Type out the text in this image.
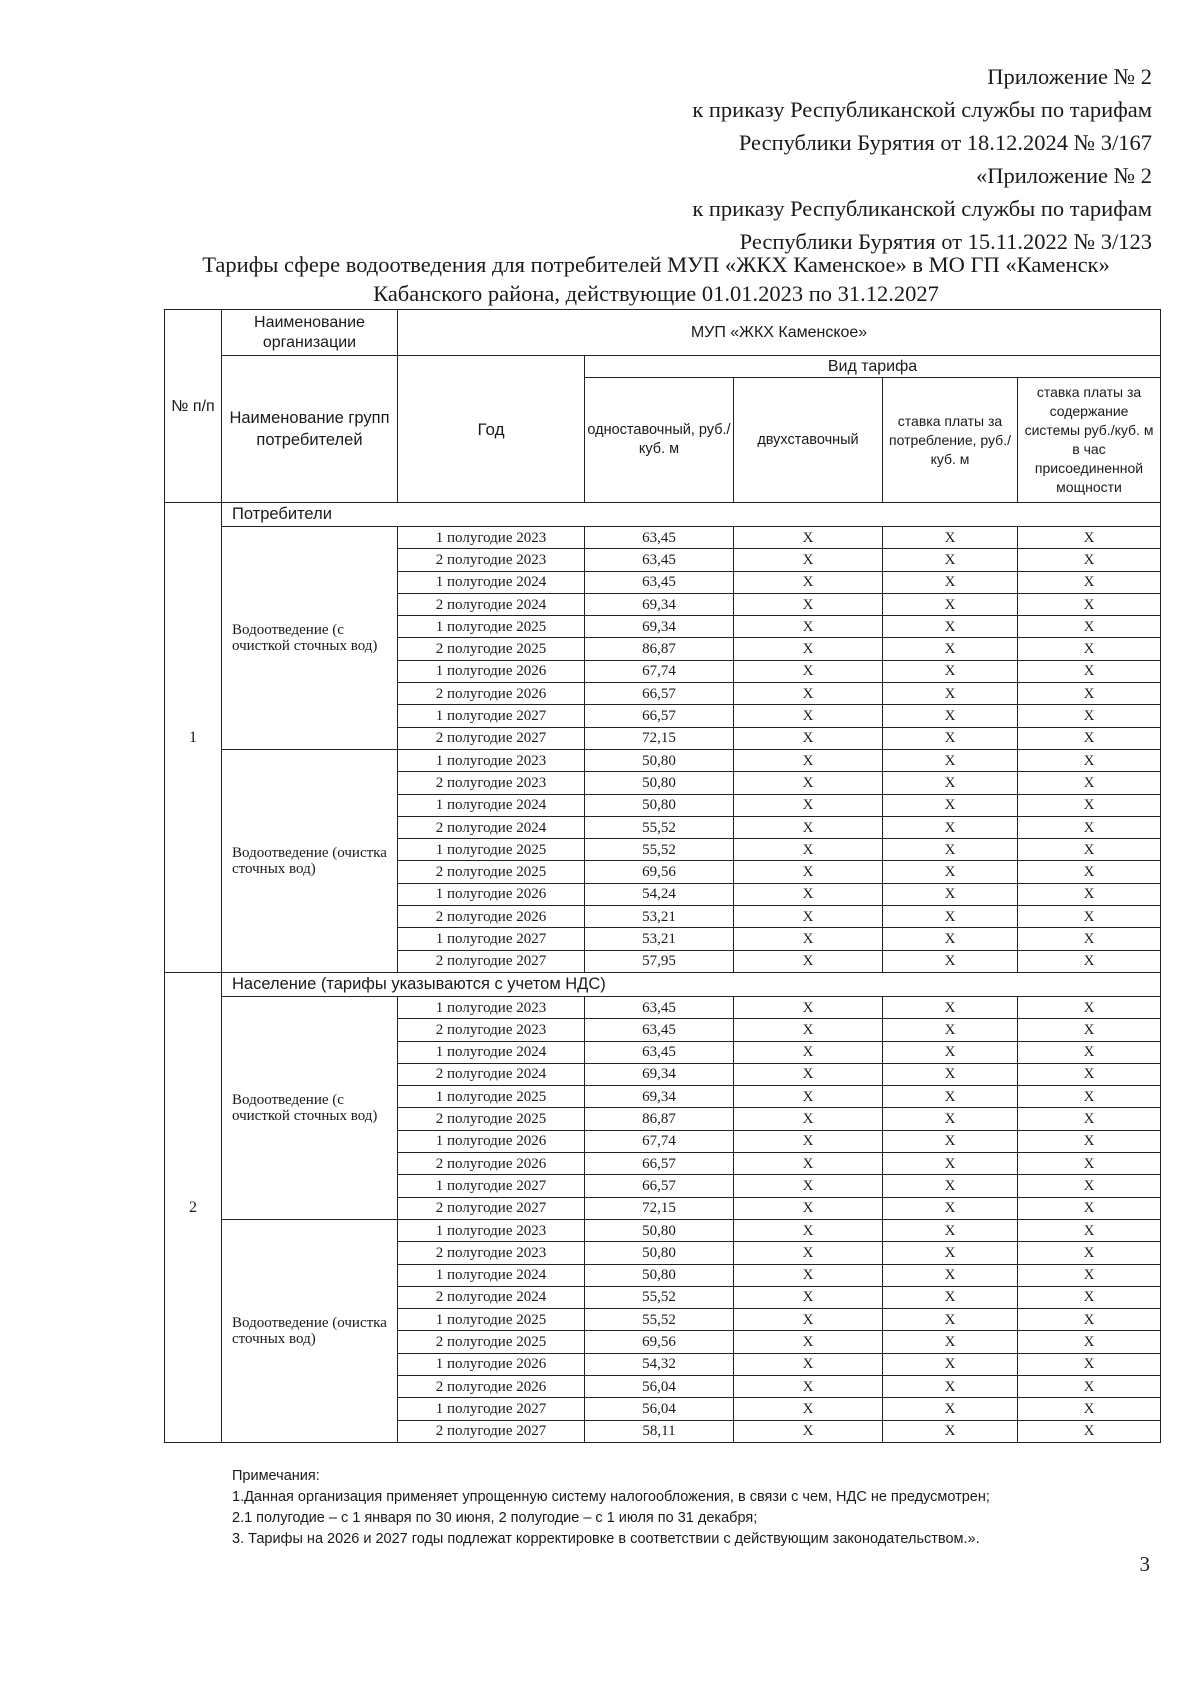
Приложение № 2
к приказу Республиканской службы по тарифам
Республики Бурятия от 18.12.2024 № 3/167
«Приложение № 2
к приказу Республиканской службы по тарифам
Республики Бурятия от 15.11.2022 № 3/123
Тарифы сфере водоотведения для потребителей МУП «ЖКХ Каменское» в МО ГП «Каменск»
Кабанского района, действующие 01.01.2023 по 31.12.2027
№ п/п	Наименование организации	МУП «ЖКХ Каменское»				
	Наименование групп потребителей	Год	Вид тарифа			
			одноставочный, руб./ куб. м	двухставочный	ставка платы за потребление, руб./ куб. м	ставка платы за содержание системы руб./куб. м в час присоединенной мощности
1	Потребители					
	Водоотведение (с очисткой сточных вод)	1 полугодие 2023	63,45	X	X	X
		2 полугодие 2023	63,45	X	X	X
		1 полугодие 2024	63,45	X	X	X
		2 полугодие 2024	69,34	X	X	X
		1 полугодие 2025	69,34	X	X	X
		2 полугодие 2025	86,87	X	X	X
		1 полугодие 2026	67,74	X	X	X
		2 полугодие 2026	66,57	X	X	X
		1 полугодие 2027	66,57	X	X	X
		2 полугодие 2027	72,15	X	X	X
	Водоотведение (очистка сточных вод)	1 полугодие 2023	50,80	X	X	X
		2 полугодие 2023	50,80	X	X	X
		1 полугодие 2024	50,80	X	X	X
		2 полугодие 2024	55,52	X	X	X
		1 полугодие 2025	55,52	X	X	X
		2 полугодие 2025	69,56	X	X	X
		1 полугодие 2026	54,24	X	X	X
		2 полугодие 2026	53,21	X	X	X
		1 полугодие 2027	53,21	X	X	X
		2 полугодие 2027	57,95	X	X	X
2	Население (тарифы указываются с учетом НДС)					
	Водоотведение (с очисткой сточных вод)	1 полугодие 2023	63,45	X	X	X
		2 полугодие 2023	63,45	X	X	X
		1 полугодие 2024	63,45	X	X	X
		2 полугодие 2024	69,34	X	X	X
		1 полугодие 2025	69,34	X	X	X
		2 полугодие 2025	86,87	X	X	X
		1 полугодие 2026	67,74	X	X	X
		2 полугодие 2026	66,57	X	X	X
		1 полугодие 2027	66,57	X	X	X
		2 полугодие 2027	72,15	X	X	X
	Водоотведение (очистка сточных вод)	1 полугодие 2023	50,80	X	X	X
		2 полугодие 2023	50,80	X	X	X
		1 полугодие 2024	50,80	X	X	X
		2 полугодие 2024	55,52	X	X	X
		1 полугодие 2025	55,52	X	X	X
		2 полугодие 2025	69,56	X	X	X
		1 полугодие 2026	54,32	X	X	X
		2 полугодие 2026	56,04	X	X	X
		1 полугодие 2027	56,04	X	X	X
		2 полугодие 2027	58,11	X	X	X
Примечания:
1.Данная организация применяет упрощенную систему налогообложения, в связи с чем, НДС не предусмотрен;
2.1 полугодие – с 1 января по 30 июня, 2 полугодие – с 1 июля по 31 декабря;
3. Тарифы на 2026 и 2027 годы подлежат корректировке в соответствии с действующим законодательством.».
3
